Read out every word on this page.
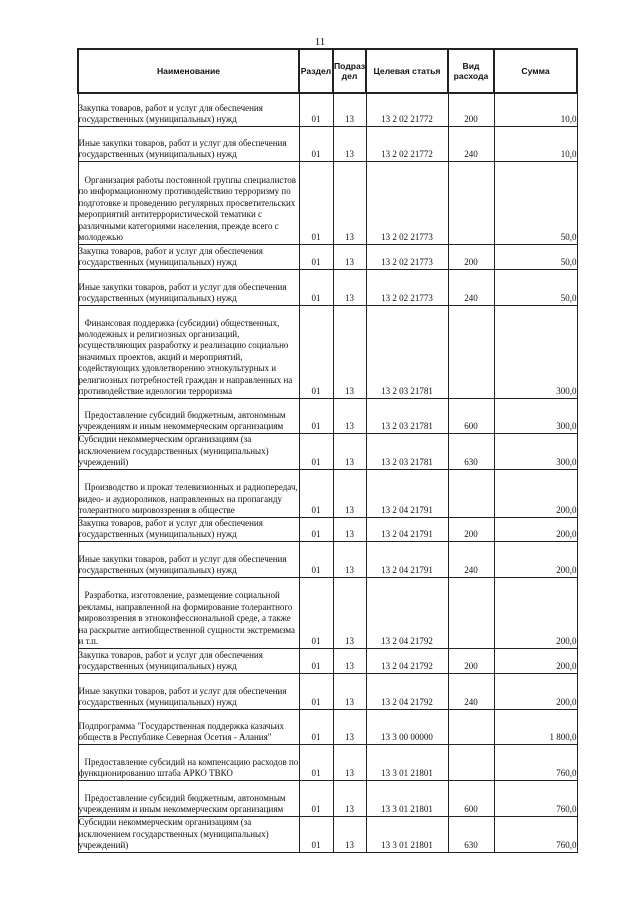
11
Наименование	Раздел	Подраз дел	Целевая статья	Вид расхода	Сумма
Закупка товаров, работ и услуг для обеспечения государственных (муниципальных) нужд	01	13	13 2 02 21772	200	10,0
Иные закупки товаров, работ и услуг для обеспечения государственных (муниципальных) нужд	01	13	13 2 02 21772	240	10,0
Организация работы постоянной группы специалистов по информационному противодействию терроризму по подготовке и проведению регулярных просветительских мероприятий антитеррористической тематики с различными категориями населения, прежде всего с молодежью	01	13	13 2 02 21773		50,0
Закупка товаров, работ и услуг для обеспечения государственных (муниципальных) нужд	01	13	13 2 02 21773	200	50,0
Иные закупки товаров, работ и услуг для обеспечения государственных (муниципальных) нужд	01	13	13 2 02 21773	240	50,0
Финансовая поддержка (субсидии) общественных, молодежных и религиозных организаций, осуществляющих разработку и реализацию социально значимых проектов, акций и мероприятий, содействующих удовлетворению этнокультурных и религиозных потребностей граждан и направленных на противодействие идеологии терроризма	01	13	13 2 03 21781		300,0
Предоставление субсидий бюджетным, автономным учреждениям и иным некоммерческим организациям	01	13	13 2 03 21781	600	300,0
Субсидии некоммерческим организациям (за исключением государственных (муниципальных) учреждений)	01	13	13 2 03 21781	630	300,0
Производство и прокат телевизионных и радиопередач, видео- и аудиороликов, направленных на пропаганду толерантного мировоззрения в обществе	01	13	13 2 04 21791		200,0
Закупка товаров, работ и услуг для обеспечения государственных (муниципальных) нужд	01	13	13 2 04 21791	200	200,0
Иные закупки товаров, работ и услуг для обеспечения государственных (муниципальных) нужд	01	13	13 2 04 21791	240	200,0
Разработка, изготовление, размещение социальной рекламы, направленной на формирование толерантного мировоззрения в этноконфессиональной среде, а также на раскрытие антиобщественной сущности экстремизма и т.п.	01	13	13 2 04 21792		200,0
Закупка товаров, работ и услуг для обеспечения государственных (муниципальных) нужд	01	13	13 2 04 21792	200	200,0
Иные закупки товаров, работ и услуг для обеспечения государственных (муниципальных) нужд	01	13	13 2 04 21792	240	200,0
Подпрограмма "Государственная поддержка казачьих обществ в Республике Северная Осетия - Алания"	01	13	13 3 00 00000		1 800,0
Предоставление субсидий на компенсацию расходов по функционированию штаба АРКО ТВКО	01	13	13 3 01 21801		760,0
Предоставление субсидий бюджетным, автономным учреждениям и иным некоммерческим организациям	01	13	13 3 01 21801	600	760,0
Субсидии некоммерческим организациям (за исключением государственных (муниципальных) учреждений)	01	13	13 3 01 21801	630	760,0
